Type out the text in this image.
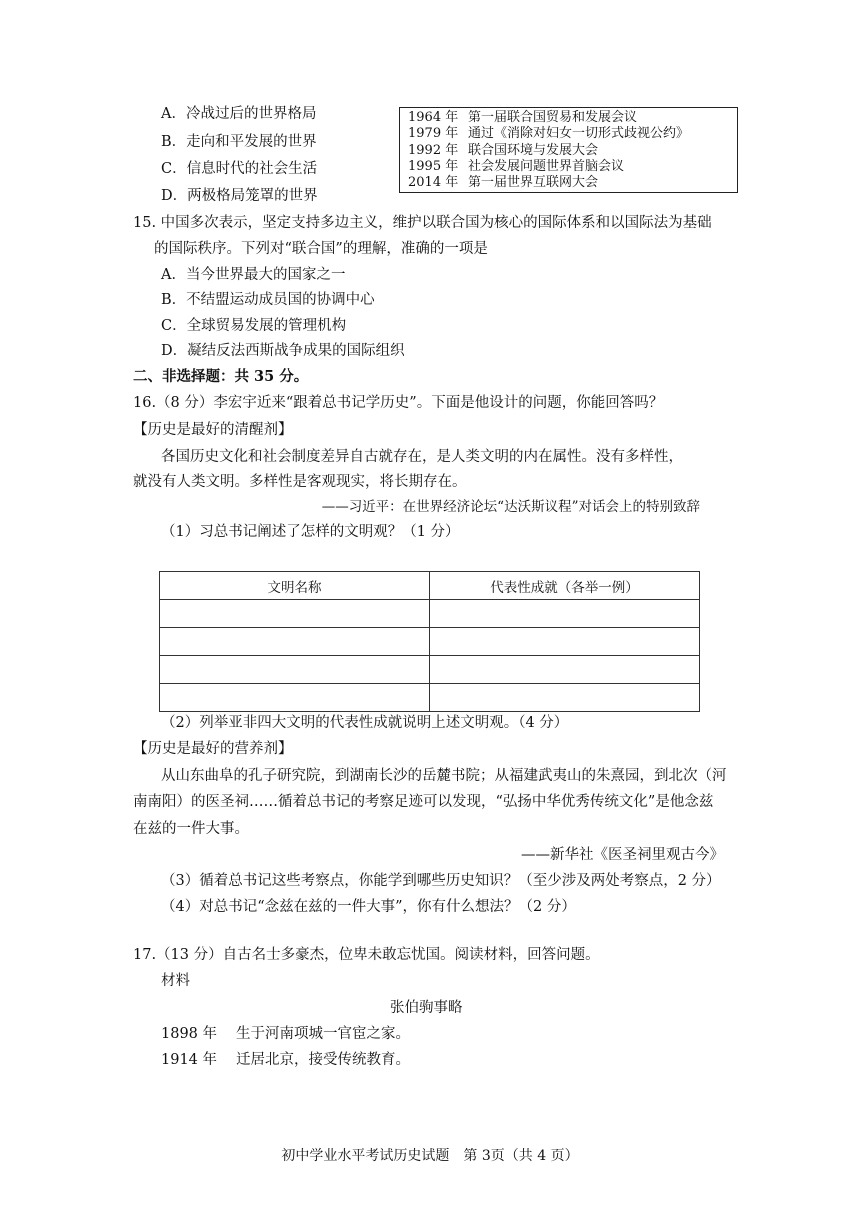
A．冷战过后的世界格局
B．走向和平发展的世界
C．信息时代的社会生活
D．两极格局笼罩的世界
1964 年 第一届联合国贸易和发展会议
1979 年 通过《消除对妇女一切形式歧视公约》
1992 年 联合国环境与发展大会
1995 年 社会发展问题世界首脑会议
2014 年 第一届世界互联网大会
15. 中国多次表示，坚定支持多边主义，维护以联合国为核心的国际体系和以国际法为基础
的国际秩序。下列对“联合国”的理解，准确的一项是
A．当今世界最大的国家之一
B．不结盟运动成员国的协调中心
C．全球贸易发展的管理机构
D．凝结反法西斯战争成果的国际组织
二、非选择题：共 35 分。
16.（8 分）李宏宇近来“跟着总书记学历史”。下面是他设计的问题，你能回答吗？
【历史是最好的清醒剂】
各国历史文化和社会制度差异自古就存在，是人类文明的内在属性。没有多样性，
就没有人类文明。多样性是客观现实，将长期存在。
——习近平：在世界经济论坛“达沃斯议程”对话会上的特别致辞
（1）习总书记阐述了怎样的文明观？（1 分）
文明名称	代表性成就（各举一例）

（2）列举亚非四大文明的代表性成就说明上述文明观。（4 分）
【历史是最好的营养剂】
从山东曲阜的孔子研究院，到湖南长沙的岳麓书院；从福建武夷山的朱熹园，到北次（河
南南阳）的医圣祠……循着总书记的考察足迹可以发现，“弘扬中华优秀传统文化”是他念兹
在兹的一件大事。
——新华社《医圣祠里观古今》
（3）循着总书记这些考察点，你能学到哪些历史知识？（至少涉及两处考察点，2 分）
（4）对总书记“念兹在兹的一件大事”，你有什么想法？（2 分）
17.（13 分）自古名士多豪杰，位卑未敢忘忧国。阅读材料，回答问题。
材料
张伯驹事略
1898 年 生于河南项城一官宦之家。
1914 年 迁居北京，接受传统教育。
初中学业水平考试历史试题　第 3页（共 4 页）
